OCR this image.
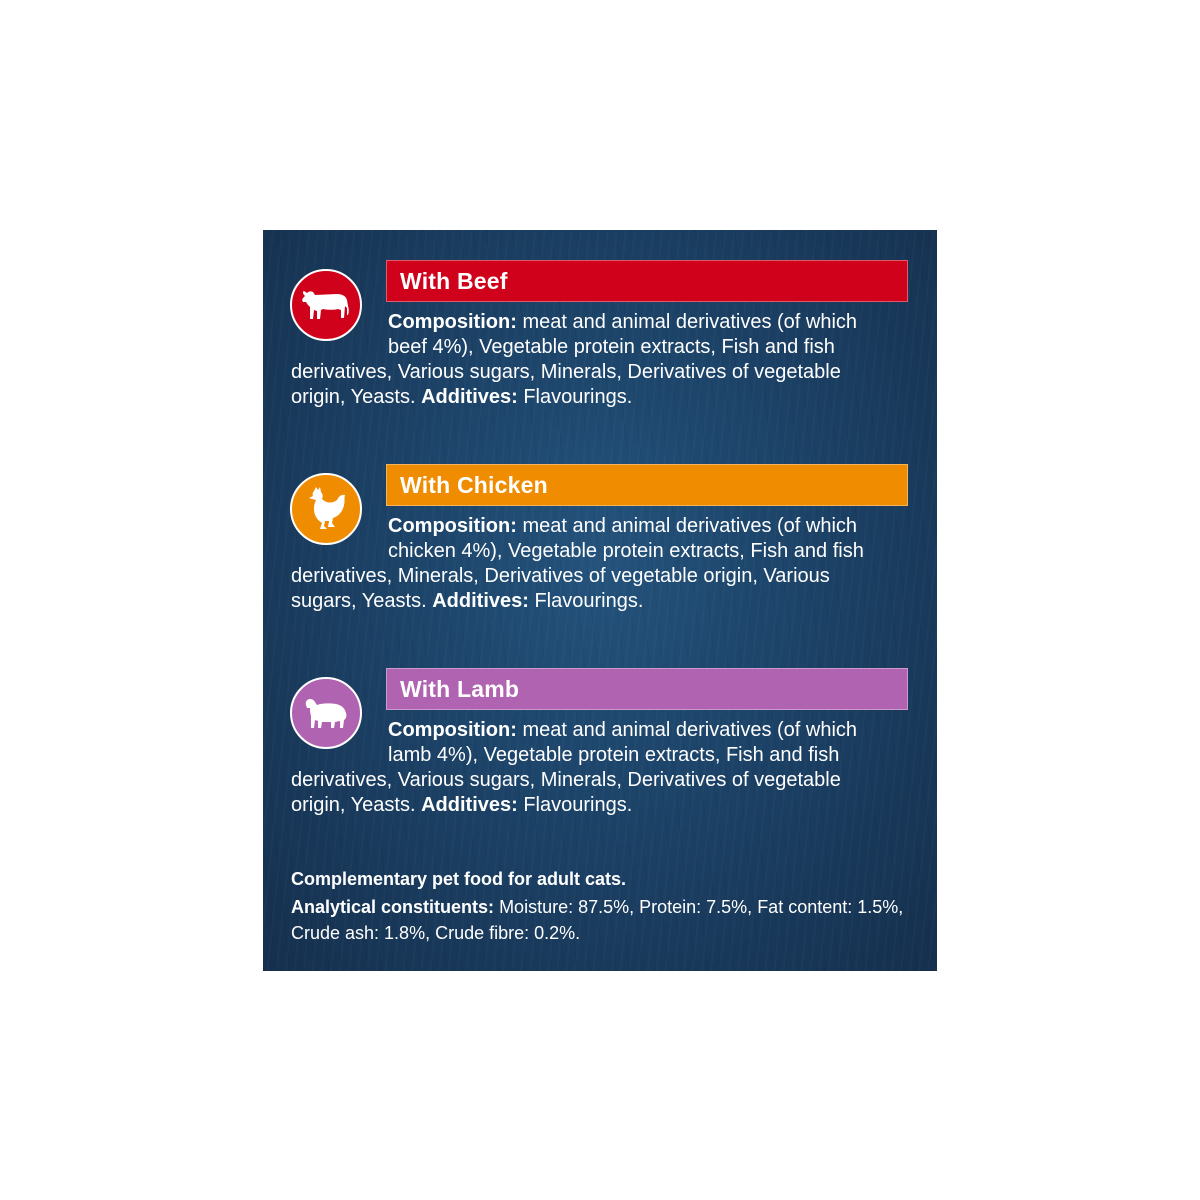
With Beef

Composition: meat and animal derivatives (of which
beef 4%), Vegetable protein extracts, Fish and fish derivatives, Various sugars, Minerals, Derivatives of vegetable origin, Yeasts. Additives: Flavourings.

With Chicken

Composition: meat and animal derivatives (of which
chicken 4%), Vegetable protein extracts, Fish and fish derivatives, Minerals, Derivatives of vegetable origin, Various sugars, Yeasts. Additives: Flavourings.

With Lamb

Composition: meat and animal derivatives (of which
lamb 4%), Vegetable protein extracts, Fish and fish derivatives, Various sugars, Minerals, Derivatives of vegetable origin, Yeasts. Additives: Flavourings.

Complementary pet food for adult cats.
Analytical constituents: Moisture: 87.5%, Protein: 7.5%, Fat content: 1.5%, Crude ash: 1.8%, Crude fibre: 0.2%.
